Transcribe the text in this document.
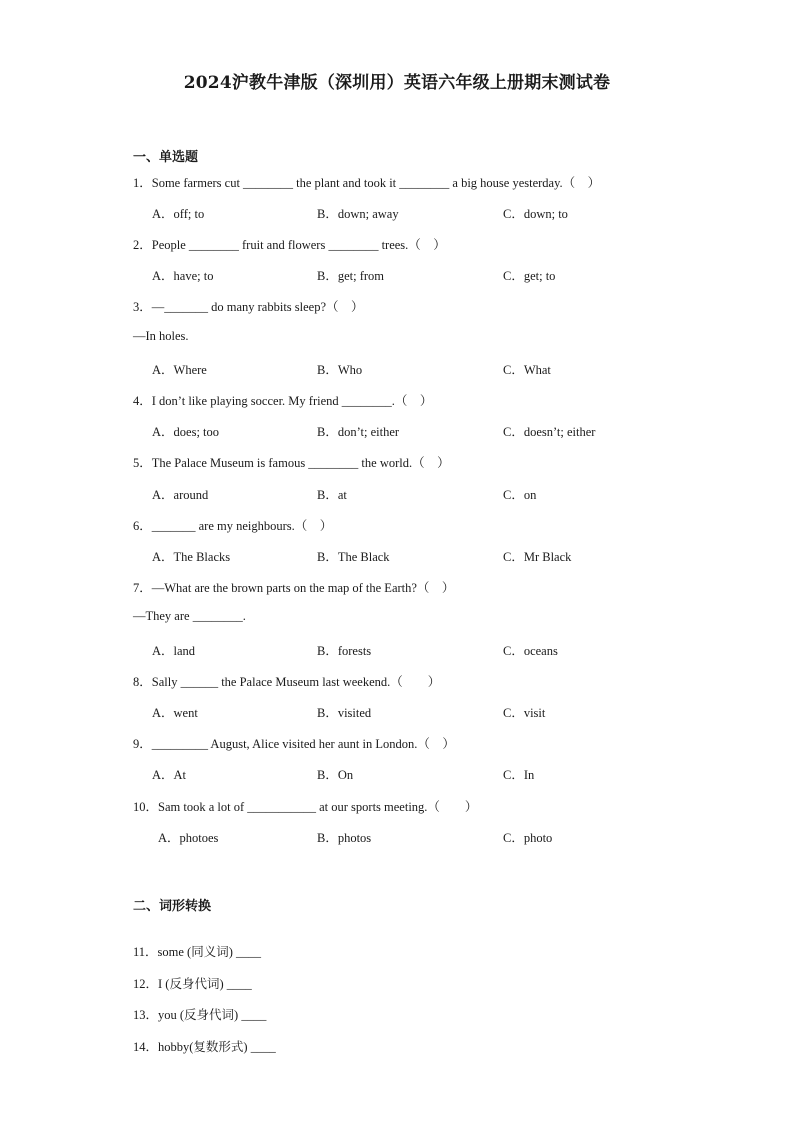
2024沪教牛津版（深圳用）英语六年级上册期末测试卷
一、单选题
1．Some farmers cut ________ the plant and took it ________ a big house yesterday.（　）
A．off; to	B．down; away	C．down; to
2．People ________ fruit and flowers ________ trees.（　）
A．have; to	B．get; from	C．get; to
3．—_______ do many rabbits sleep?（　）
—In holes.
A．Where	B．Who	C．What
4．I don’t like playing soccer. My friend ________.（　）
A．does; too	B．don’t; either	C．doesn’t; either
5．The Palace Museum is famous ________ the world.（　）
A．around	B．at	C．on
6．_______ are my neighbours.（　）
A．The Blacks	B．The Black	C．Mr Black
7．—What are the brown parts on the map of the Earth?（　）
—They are ________.
A．land	B．forests	C．oceans
8．Sally ______ the Palace Museum last weekend.（　　）
A．went	B．visited	C．visit
9．_________ August, Alice visited her aunt in London.（　）
A．At	B．On	C．In
10．Sam took a lot of ___________ at our sports meeting.（　　）
A．photoes	B．photos	C．photo
二、词形转换
11．some (同义词) ____
12．I (反身代词) ____
13．you (反身代词) ____
14．hobby(复数形式) ____
